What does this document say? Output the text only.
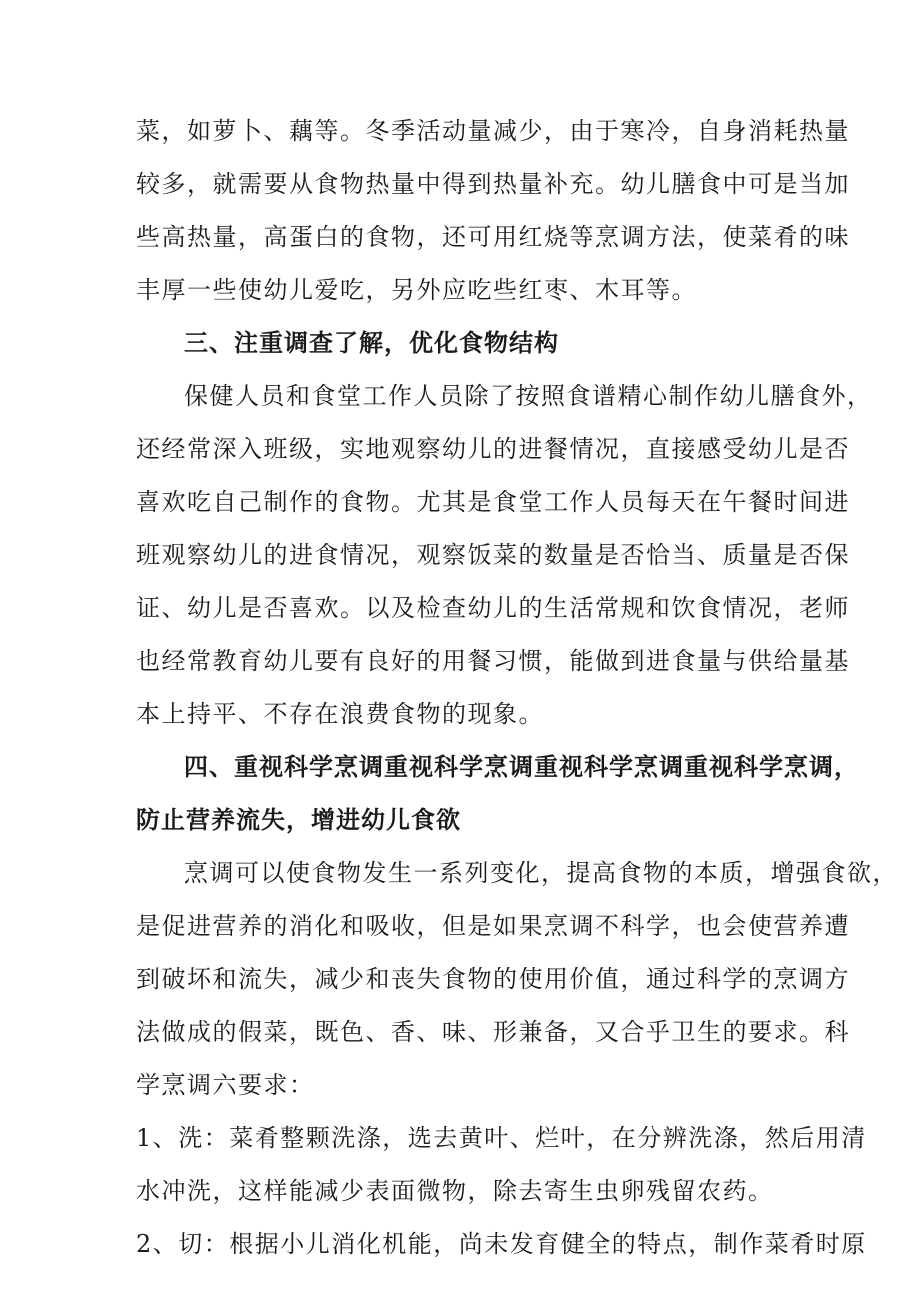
菜，如萝卜、藕等。冬季活动量减少，由于寒冷，自身消耗热量
较多，就需要从食物热量中得到热量补充。幼儿膳食中可是当加
些高热量，高蛋白的食物，还可用红烧等烹调方法，使菜肴的味
丰厚一些使幼儿爱吃，另外应吃些红枣、木耳等。
三、注重调查了解，优化食物结构
保健人员和食堂工作人员除了按照食谱精心制作幼儿膳食外，
还经常深入班级，实地观察幼儿的进餐情况，直接感受幼儿是否
喜欢吃自己制作的食物。尤其是食堂工作人员每天在午餐时间进
班观察幼儿的进食情况，观察饭菜的数量是否恰当、质量是否保
证、幼儿是否喜欢。以及检查幼儿的生活常规和饮食情况，老师
也经常教育幼儿要有良好的用餐习惯，能做到进食量与供给量基
本上持平、不存在浪费食物的现象。
四、重视科学烹调重视科学烹调重视科学烹调重视科学烹调，
防止营养流失，增进幼儿食欲
烹调可以使食物发生一系列变化，提高食物的本质，增强食欲，
是促进营养的消化和吸收，但是如果烹调不科学，也会使营养遭
到破坏和流失，减少和丧失食物的使用价值，通过科学的烹调方
法做成的假菜，既色、香、味、形兼备，又合乎卫生的要求。科
学烹调六要求：
1、洗：菜肴整颗洗涤，选去黄叶、烂叶，在分辨洗涤，然后用清
水冲洗，这样能减少表面微物，除去寄生虫卵残留农药。
2、切：根据小儿消化机能，尚未发育健全的特点，制作菜肴时原
